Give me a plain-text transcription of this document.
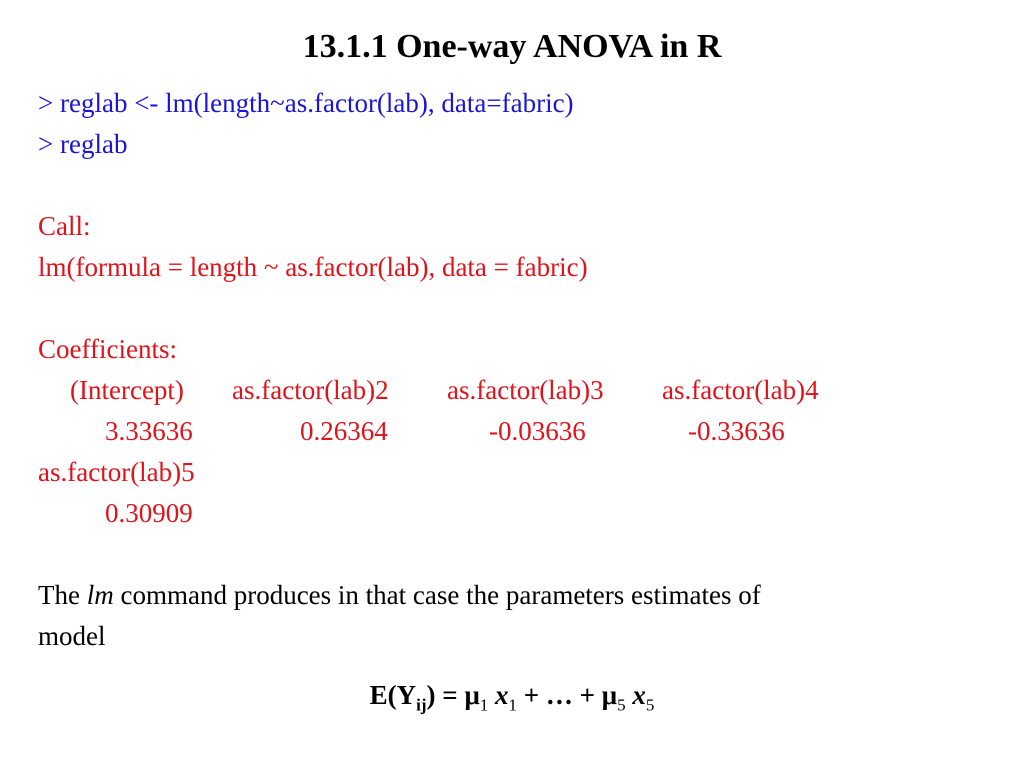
13.1.1 One-way ANOVA in R
> reglab <- lm(length~as.factor(lab), data=fabric)
> reglab
Call:
lm(formula = length ~ as.factor(lab), data = fabric)
Coefficients:
(Intercept) as.factor(lab)2 as.factor(lab)3 as.factor(lab)4
3.33636	0.26364	-0.03636	-0.33636
as.factor(lab)5
0.30909
The lm command produces in that case the parameters estimates of
model
$E(Y_{ij}) = \mu_1$ $x_1$ + … + $\mu_5$ $x_5$
